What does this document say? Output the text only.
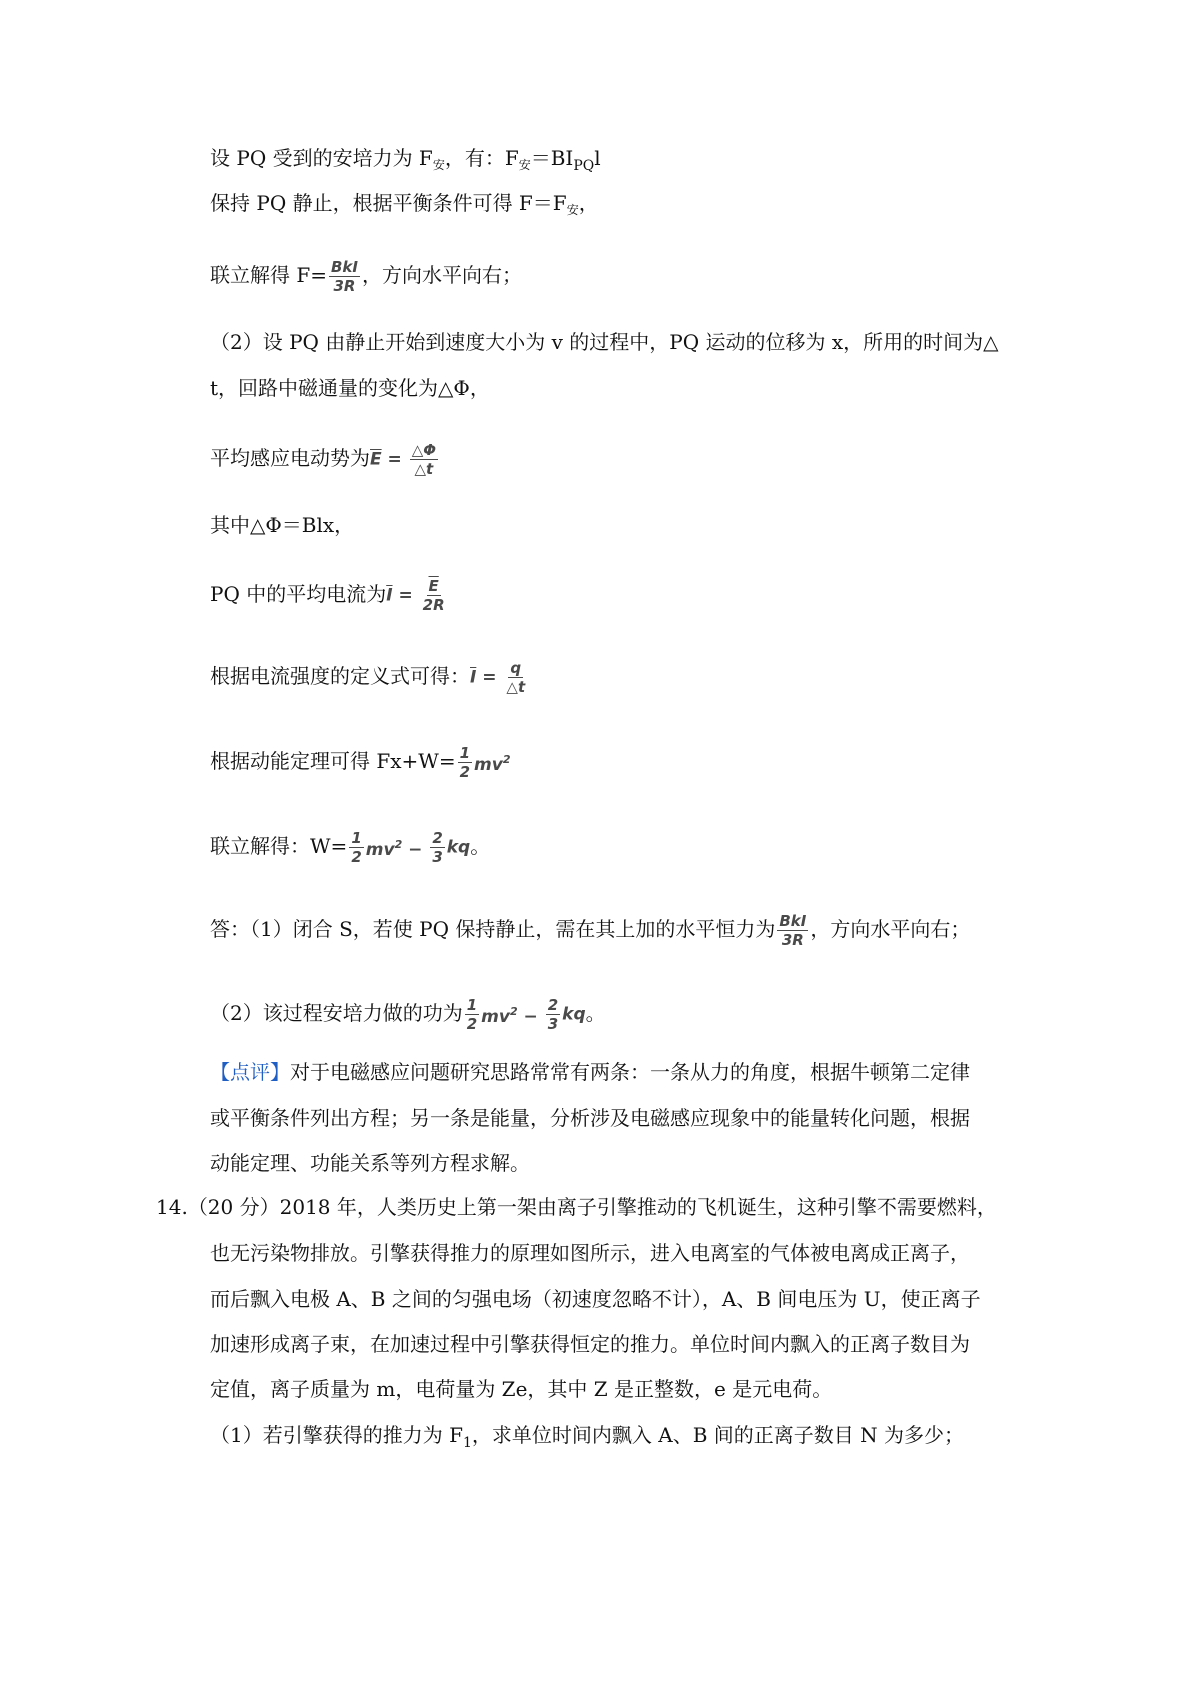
设 PQ 受到的安培力为 $F_安$，有：$F_安=BI_{PQ}l$
保持 PQ 静止，根据平衡条件可得 $F=F_安$，
联立解得 $F= \frac{\text{BkI}}{3R}$ ，方向水平向右；
（2）设 PQ 由静止开始到速度大小为 v 的过程中，PQ 运动的位移为 x，所用的时间为△
t，回路中磁通量的变化为△Φ，
平均感应电动势为$\overline{E} = \frac{\triangle\Phi}{\triangle t}$
其中△Φ＝Blx，
PQ 中的平均电流为$\overline{I} = \frac{\overline{E}}{2R}$
根据电流强度的定义式可得：$\overline{I} = \frac{q}{\triangle t}$
根据动能定理可得 $Fx+W= \frac{1}{2} mv^2$
联立解得：$W= \frac{1}{2} mv^2 - \frac{2}{3}$ kq。
答：（1）闭合 S，若使 PQ 保持静止，需在其上加的水平恒力为 $\frac{\text{BkI}}{3R}$ ，方向水平向右；
（2）该过程安培力做的功为 $\frac{1}{2} mv^2 - \frac{2}{3}$ kq。
【点评】对于电磁感应问题研究思路常常有两条：一条从力的角度，根据牛顿第二定律
或平衡条件列出方程；另一条是能量，分析涉及电磁感应现象中的能量转化问题，根据
动能定理、功能关系等列方程求解。
14.（20 分）2018 年，人类历史上第一架由离子引擎推动的飞机诞生，这种引擎不需要燃料，
也无污染物排放。引擎获得推力的原理如图所示，进入电离室的气体被电离成正离子，
而后飘入电极 A、B 之间的匀强电场（初速度忽略不计），A、B 间电压为 U，使正离子
加速形成离子束，在加速过程中引擎获得恒定的推力。单位时间内飘入的正离子数目为
定值，离子质量为 m，电荷量为 Ze，其中 Z 是正整数，e 是元电荷。
（1）若引擎获得的推力为 $F_1$，求单位时间内飘入 A、B 间的正离子数目 N 为多少；
